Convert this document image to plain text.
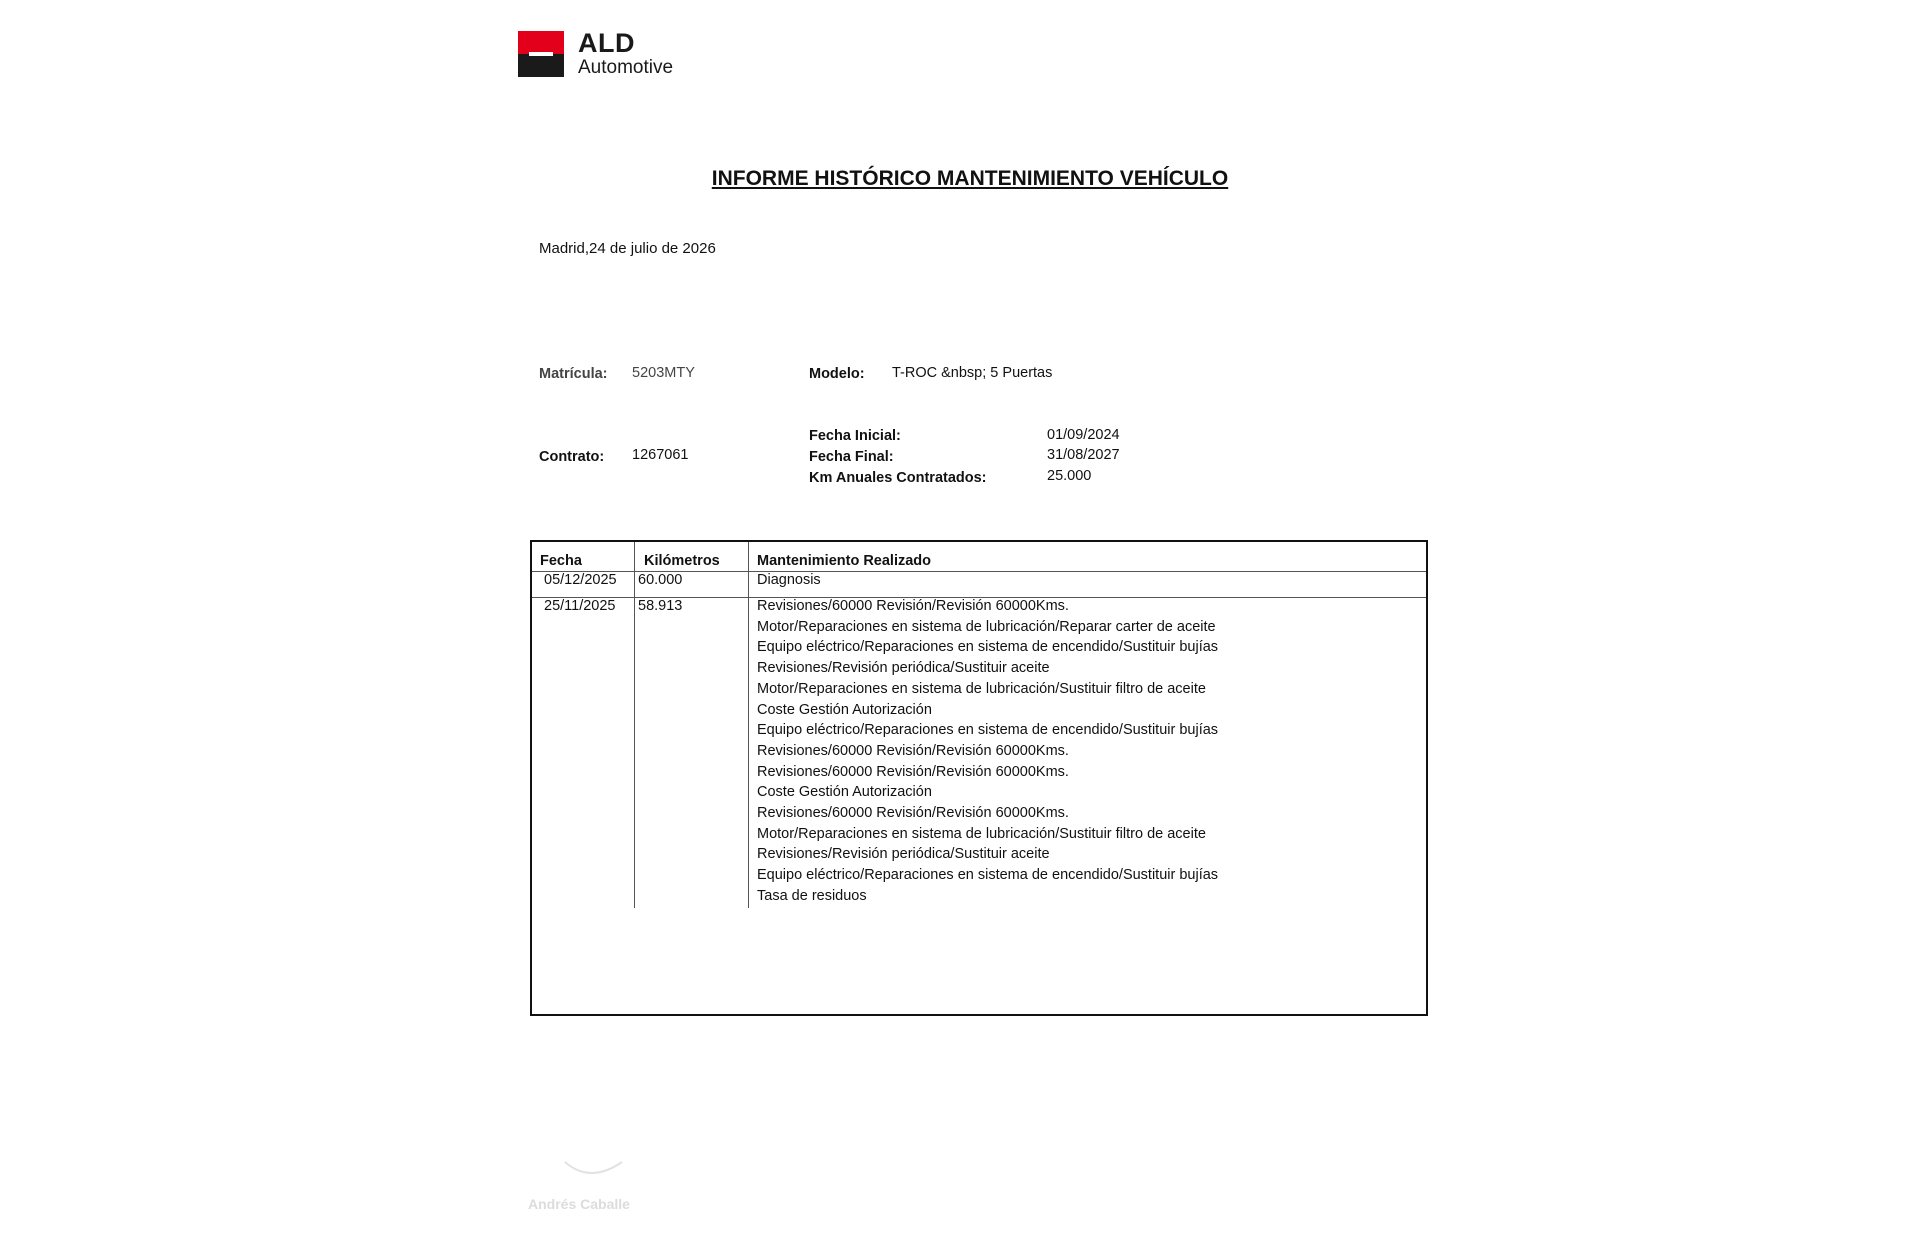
ALD
Automotive
INFORME HISTÓRICO MANTENIMIENTO VEHÍCULO
Madrid,24 de julio de 2026
Matrícula: 5203MTY	Modelo: T-ROC &nbsp; 5 Puertas
Contrato: 1267061
Fecha Inicial:	01/09/2024
Fecha Final:	31/08/2027
Km Anuales Contratados:	25.000
Fecha	Kilómetros	Mantenimiento Realizado
05/12/2025 60.000	Diagnosis
25/11/2025 58.913	Revisiones/60000 Revisión/Revisión 60000Kms.
Motor/Reparaciones en sistema de lubricación/Reparar carter de aceite
Equipo eléctrico/Reparaciones en sistema de encendido/Sustituir bujías
Revisiones/Revisión periódica/Sustituir aceite
Motor/Reparaciones en sistema de lubricación/Sustituir filtro de aceite
Coste Gestión Autorización
Equipo eléctrico/Reparaciones en sistema de encendido/Sustituir bujías
Revisiones/60000 Revisión/Revisión 60000Kms.
Revisiones/60000 Revisión/Revisión 60000Kms.
Coste Gestión Autorización
Revisiones/60000 Revisión/Revisión 60000Kms.
Motor/Reparaciones en sistema de lubricación/Sustituir filtro de aceite
Revisiones/Revisión periódica/Sustituir aceite
Equipo eléctrico/Reparaciones en sistema de encendido/Sustituir bujías
Tasa de residuos
Andrés Caballe
